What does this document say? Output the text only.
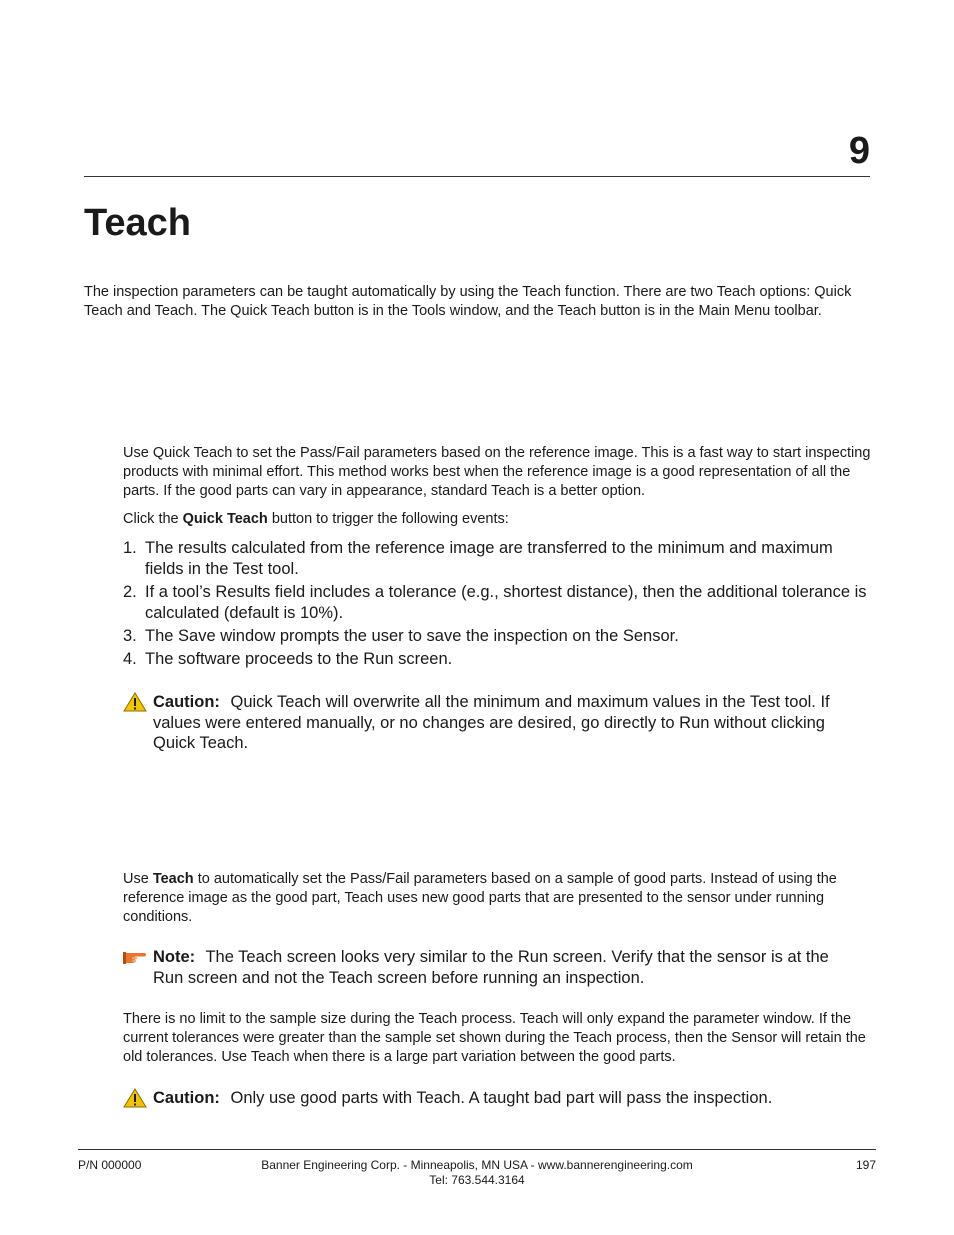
9
Teach
The inspection parameters can be taught automatically by using the Teach function. There are two Teach options: Quick Teach and Teach. The Quick Teach button is in the Tools window, and the Teach button is in the Main Menu toolbar.
Use Quick Teach to set the Pass/Fail parameters based on the reference image. This is a fast way to start inspecting products with minimal effort. This method works best when the reference image is a good representation of all the parts. If the good parts can vary in appearance, standard Teach is a better option.
Click the Quick Teach button to trigger the following events:
1. The results calculated from the reference image are transferred to the minimum and maximum fields in the Test tool.
2. If a tool’s Results field includes a tolerance (e.g., shortest distance), then the additional tolerance is calculated (default is 10%).
3. The Save window prompts the user to save the inspection on the Sensor.
4. The software proceeds to the Run screen.
Caution: Quick Teach will overwrite all the minimum and maximum values in the Test tool. If values were entered manually, or no changes are desired, go directly to Run without clicking Quick Teach.
Use Teach to automatically set the Pass/Fail parameters based on a sample of good parts. Instead of using the reference image as the good part, Teach uses new good parts that are presented to the sensor under running conditions.
Note: The Teach screen looks very similar to the Run screen. Verify that the sensor is at the Run screen and not the Teach screen before running an inspection.
There is no limit to the sample size during the Teach process. Teach will only expand the parameter window. If the current tolerances were greater than the sample set shown during the Teach process, then the Sensor will retain the old tolerances. Use Teach when there is a large part variation between the good parts.
Caution: Only use good parts with Teach. A taught bad part will pass the inspection.
P/N 000000	Banner Engineering Corp. - Minneapolis, MN USA - www.bannerengineering.com
Tel: 763.544.3164
197
